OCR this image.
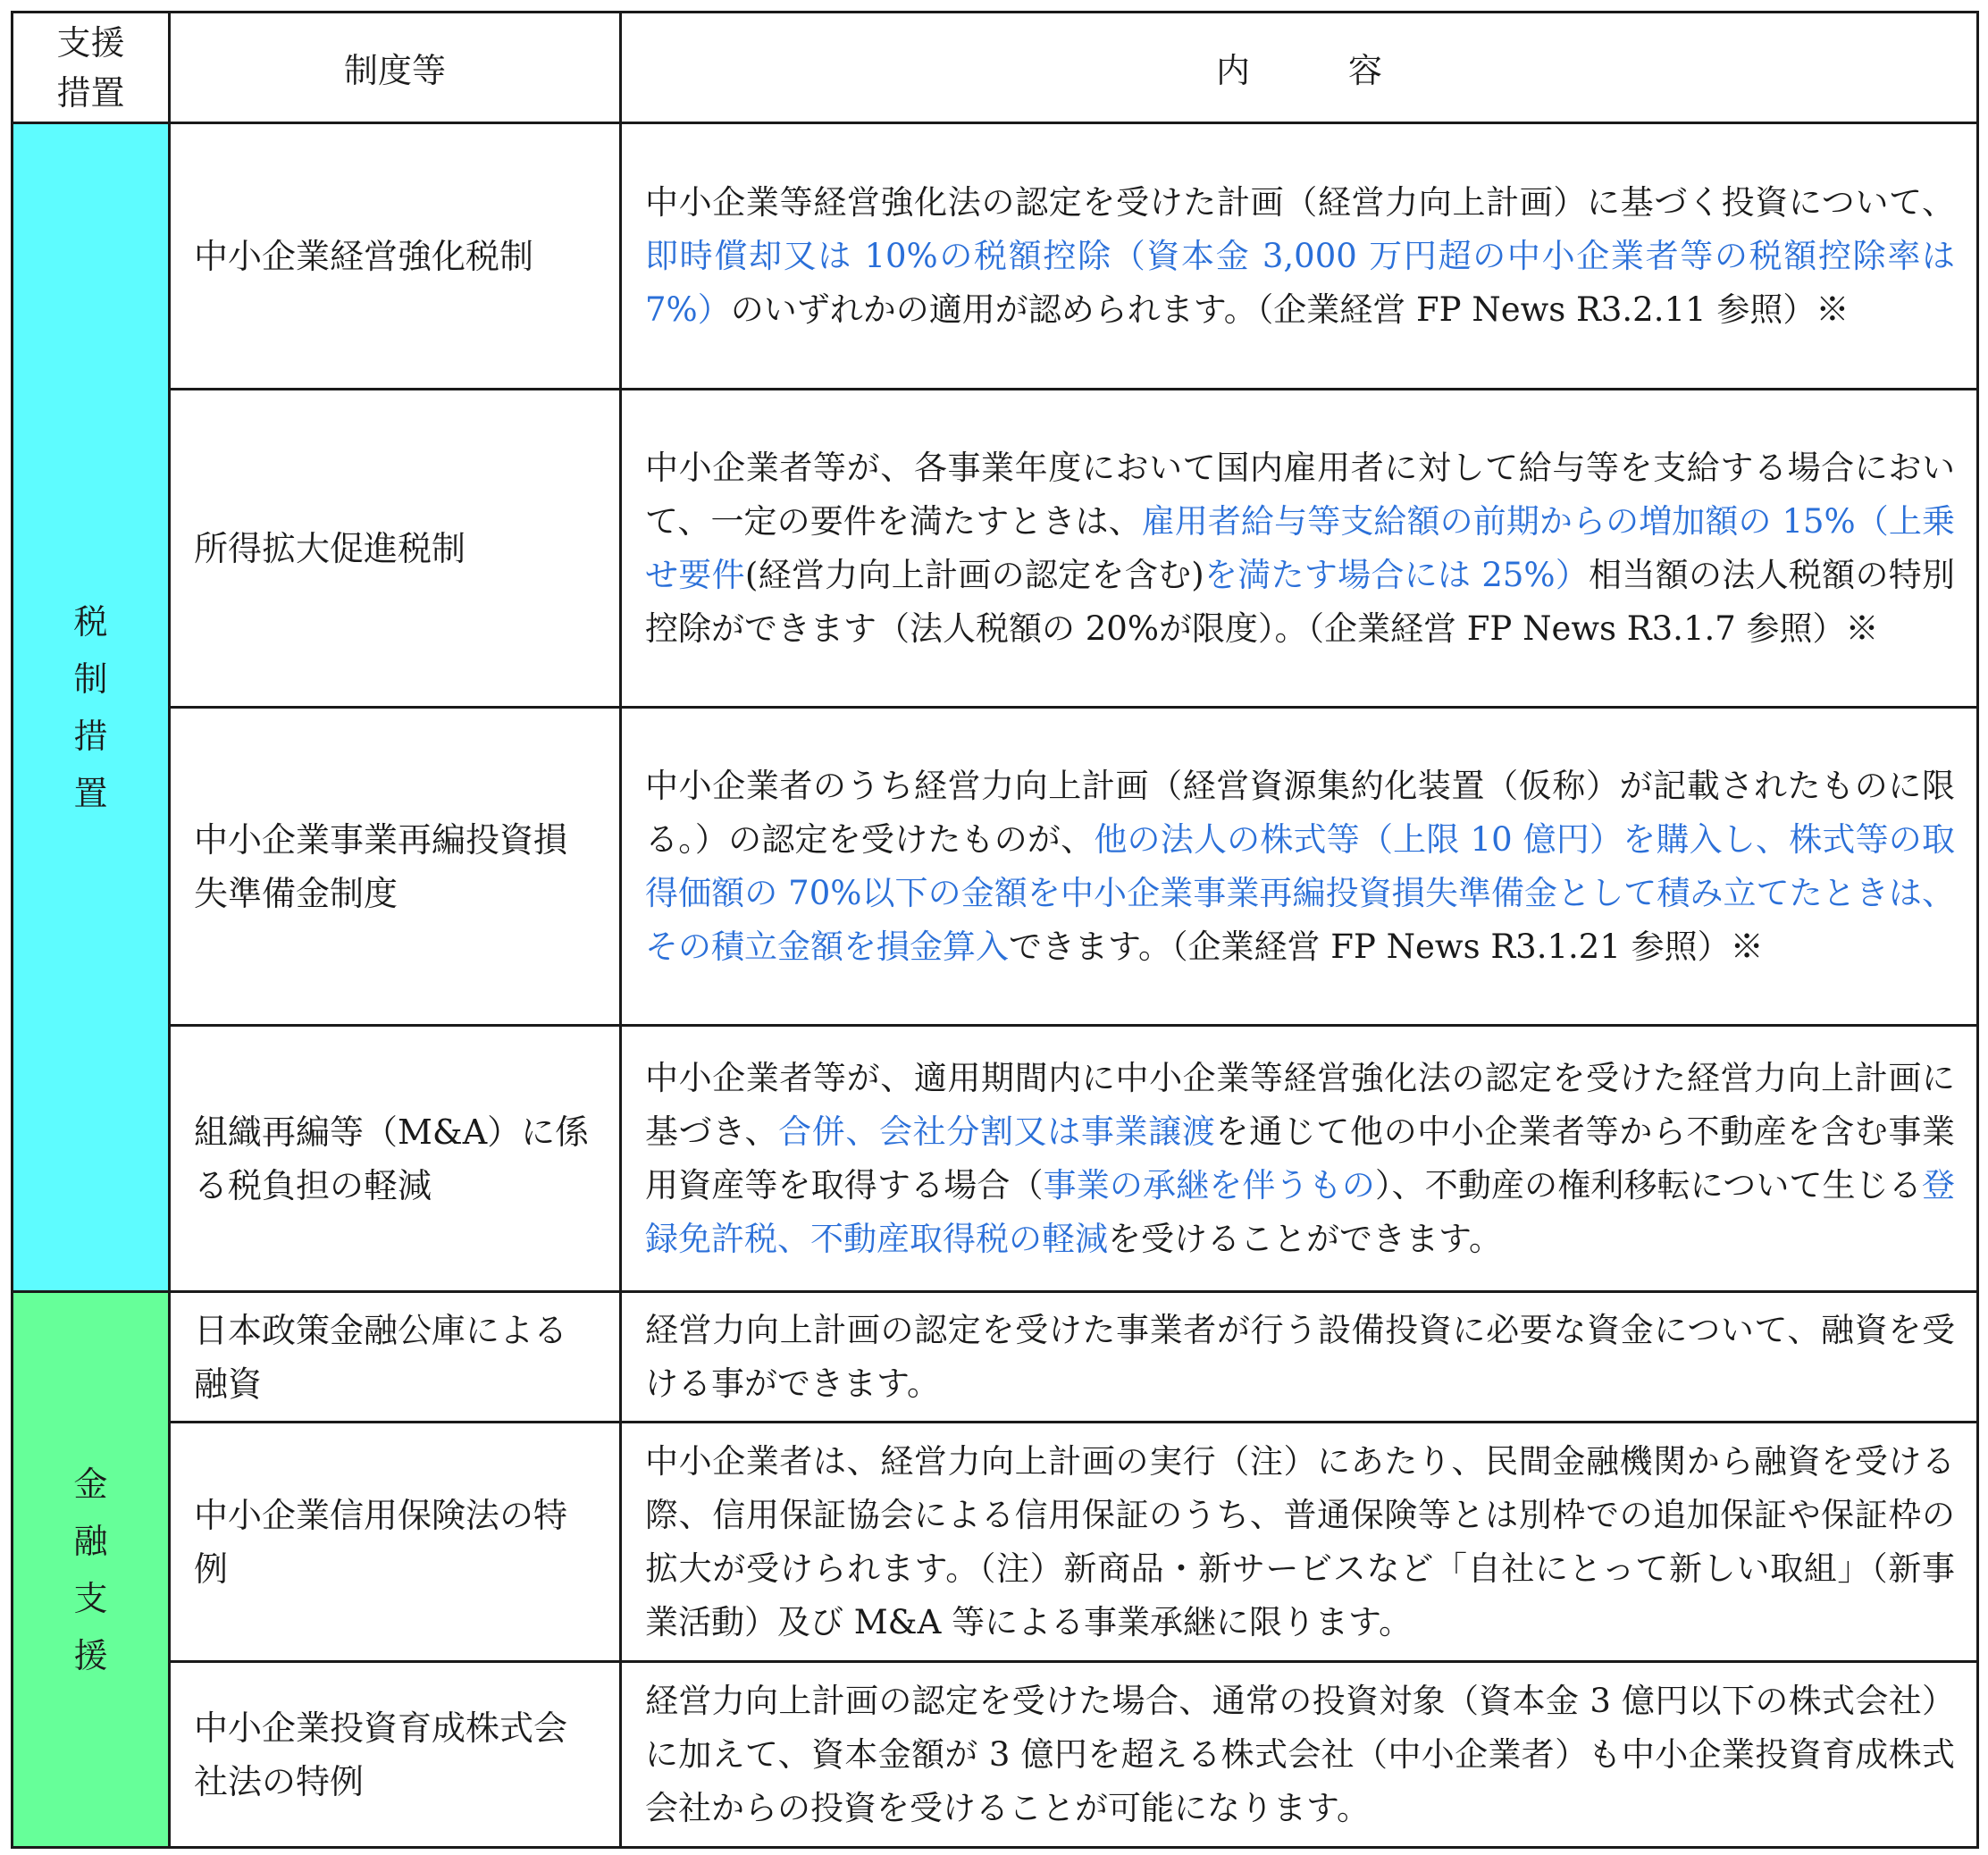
支援
措置	制度等	内 容

税
制
措
置	中小企業経営強化税制	中小企業等経営強化法の認定を受けた計画（経営力向上計画）に基づく投資について、即時償却又は 10%の税額控除（資本金 3,000 万円超の中小企業者等の税額控除率は 7%）のいずれかの適用が認められます。（企業経営 FP News R3.2.11 参照）※
	所得拡大促進税制	中小企業者等が、各事業年度において国内雇用者に対して給与等を支給する場合において、一定の要件を満たすときは、雇用者給与等支給額の前期からの増加額の 15%（上乗せ要件(経営力向上計画の認定を含む)を満たす場合には 25%）相当額の法人税額の特別控除ができます（法人税額の 20%が限度）。（企業経営 FP News R3.1.7 参照）※
	中小企業事業再編投資損失準備金制度	中小企業者のうち経営力向上計画（経営資源集約化装置（仮称）が記載されたものに限る。）の認定を受けたものが、他の法人の株式等（上限 10 億円）を購入し、株式等の取得価額の 70%以下の金額を中小企業事業再編投資損失準備金として積み立てたときは、その積立金額を損金算入できます。（企業経営 FP News R3.1.21 参照）※
	組織再編等（M&A）に係る税負担の軽減	中小企業者等が、適用期間内に中小企業等経営強化法の認定を受けた経営力向上計画に基づき、合併、会社分割又は事業譲渡を通じて他の中小企業者等から不動産を含む事業用資産等を取得する場合（事業の承継を伴うもの）、不動産の権利移転について生じる登録免許税、不動産取得税の軽減を受けることができます。

金
融
支
援	日本政策金融公庫による融資	経営力向上計画の認定を受けた事業者が行う設備投資に必要な資金について、融資を受ける事ができます。
	中小企業信用保険法の特例	中小企業者は、経営力向上計画の実行（注）にあたり、民間金融機関から融資を受ける際、信用保証協会による信用保証のうち、普通保険等とは別枠での追加保証や保証枠の拡大が受けられます。（注）新商品・新サービスなど「自社にとって新しい取組」（新事業活動）及び M&A 等による事業承継に限ります。
	中小企業投資育成株式会社法の特例	経営力向上計画の認定を受けた場合、通常の投資対象（資本金 3 億円以下の株式会社）に加えて、資本金額が 3 億円を超える株式会社（中小企業者）も中小企業投資育成株式会社からの投資を受けることが可能になります。
